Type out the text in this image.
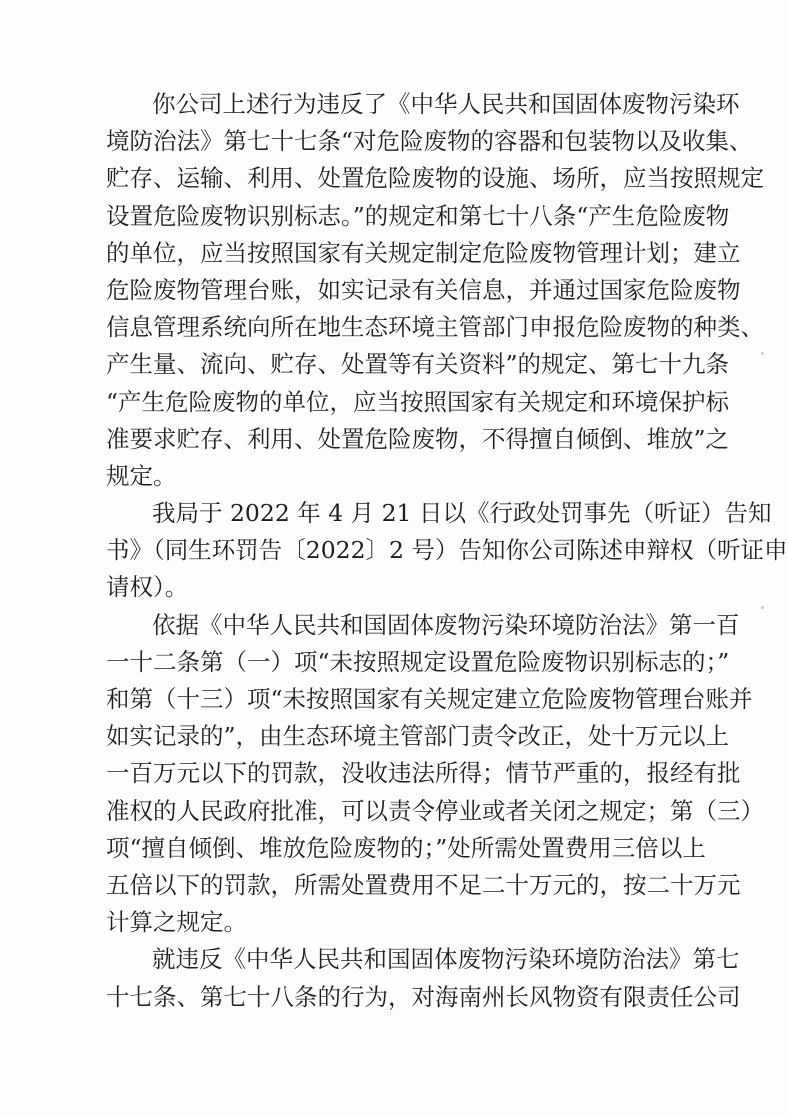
你公司上述行为违反了《中华人民共和国固体废物污染环
境防治法》第七十七条“对危险废物的容器和包装物以及收集、
贮存、运输、利用、处置危险废物的设施、场所，应当按照规定
设置危险废物识别标志。”的规定和第七十八条“产生危险废物
的单位，应当按照国家有关规定制定危险废物管理计划；建立
危险废物管理台账，如实记录有关信息，并通过国家危险废物
信息管理系统向所在地生态环境主管部门申报危险废物的种类、
产生量、流向、贮存、处置等有关资料”的规定、第七十九条
“产生危险废物的单位，应当按照国家有关规定和环境保护标
准要求贮存、利用、处置危险废物，不得擅自倾倒、堆放”之
规定。
我局于 2022 年 4 月 21 日以《行政处罚事先（听证）告知
书》（同生环罚告〔2022〕2 号）告知你公司陈述申辩权（听证申
请权）。
依据《中华人民共和国固体废物污染环境防治法》第一百
一十二条第（一）项“未按照规定设置危险废物识别标志的；”
和第（十三）项“未按照国家有关规定建立危险废物管理台账并
如实记录的”，由生态环境主管部门责令改正，处十万元以上
一百万元以下的罚款，没收违法所得；情节严重的，报经有批
准权的人民政府批准，可以责令停业或者关闭之规定；第（三）
项“擅自倾倒、堆放危险废物的；”处所需处置费用三倍以上
五倍以下的罚款，所需处置费用不足二十万元的，按二十万元
计算之规定。
就违反《中华人民共和国固体废物污染环境防治法》第七
十七条、第七十八条的行为，对海南州长风物资有限责任公司
